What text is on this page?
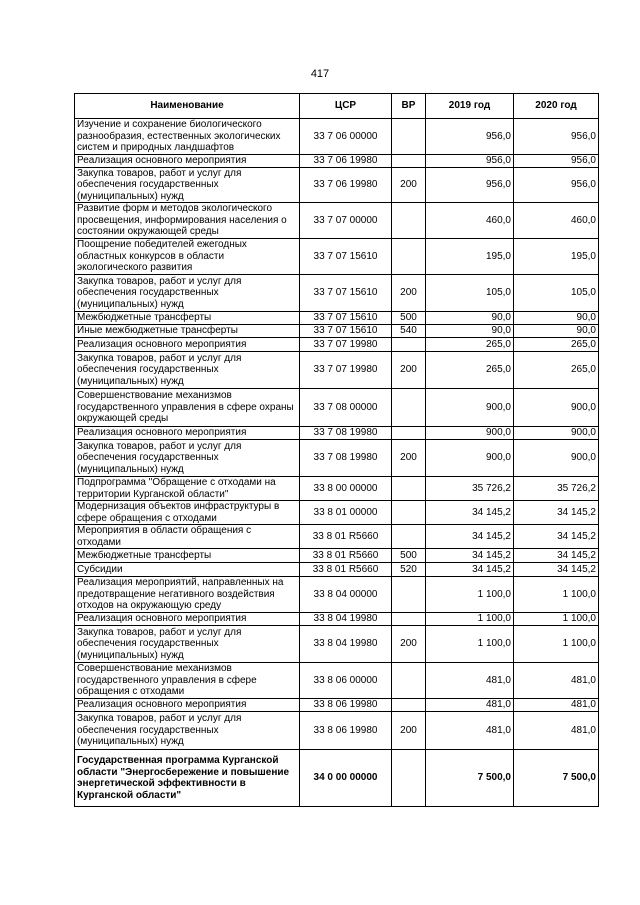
417
Наименование	ЦСР	ВР	2019 год	2020 год
Изучение и сохранение биологического разнообразия, естественных экологических систем и природных ландшафтов	33 7 06 00000		956,0	956,0
Реализация основного мероприятия	33 7 06 19980		956,0	956,0
Закупка товаров, работ и услуг для обеспечения государственных (муниципальных) нужд	33 7 06 19980	200	956,0	956,0
Развитие форм и методов экологического просвещения, информирования населения о состоянии окружающей среды	33 7 07 00000		460,0	460,0
Поощрение победителей ежегодных областных конкурсов в области экологического развития	33 7 07 15610		195,0	195,0
Закупка товаров, работ и услуг для обеспечения государственных (муниципальных) нужд	33 7 07 15610	200	105,0	105,0
Межбюджетные трансферты	33 7 07 15610	500	90,0	90,0
Иные межбюджетные трансферты	33 7 07 15610	540	90,0	90,0
Реализация основного мероприятия	33 7 07 19980		265,0	265,0
Закупка товаров, работ и услуг для обеспечения государственных (муниципальных) нужд	33 7 07 19980	200	265,0	265,0
Совершенствование механизмов государственного управления в сфере охраны окружающей среды	33 7 08 00000		900,0	900,0
Реализация основного мероприятия	33 7 08 19980		900,0	900,0
Закупка товаров, работ и услуг для обеспечения государственных (муниципальных) нужд	33 7 08 19980	200	900,0	900,0
Подпрограмма "Обращение с отходами на территории Курганской области"	33 8 00 00000		35 726,2	35 726,2
Модернизация объектов инфраструктуры в сфере обращения с отходами	33 8 01 00000		34 145,2	34 145,2
Мероприятия в области обращения с отходами	33 8 01 R5660		34 145,2	34 145,2
Межбюджетные трансферты	33 8 01 R5660	500	34 145,2	34 145,2
Субсидии	33 8 01 R5660	520	34 145,2	34 145,2
Реализация мероприятий, направленных на предотвращение негативного воздействия отходов на окружающую среду	33 8 04 00000		1 100,0	1 100,0
Реализация основного мероприятия	33 8 04 19980		1 100,0	1 100,0
Закупка товаров, работ и услуг для обеспечения государственных (муниципальных) нужд	33 8 04 19980	200	1 100,0	1 100,0
Совершенствование механизмов государственного управления в сфере обращения с отходами	33 8 06 00000		481,0	481,0
Реализация основного мероприятия	33 8 06 19980		481,0	481,0
Закупка товаров, работ и услуг для обеспечения государственных (муниципальных) нужд	33 8 06 19980	200	481,0	481,0
Государственная программа Курганской области "Энергосбережение и повышение энергетической эффективности в Курганской области"	34 0 00 00000		7 500,0	7 500,0
